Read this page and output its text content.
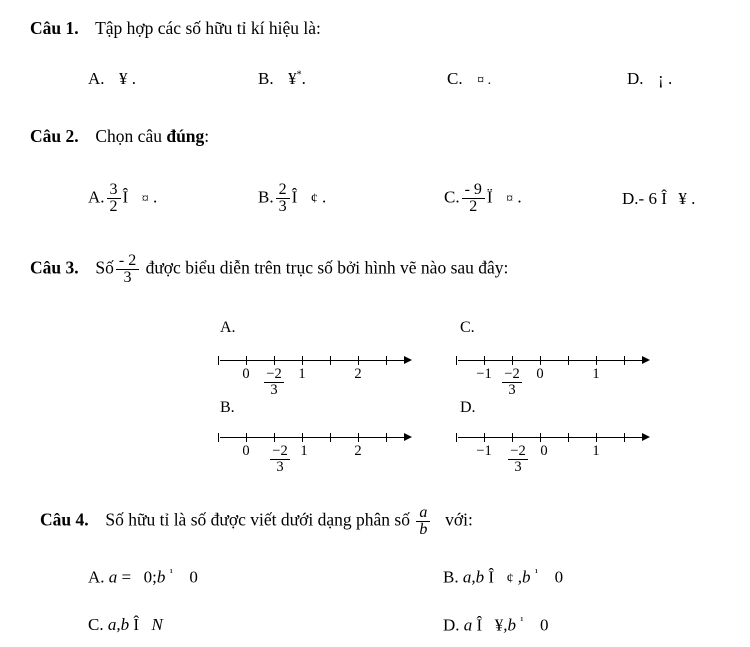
Câu 1. Tập hợp các số hữu tỉ kí hiệu là:
A. ¥ .	B. ¥*.	C. ¤ .	D. ¡ .
Câu 2. Chọn câu đúng:
A. $\frac{3}{2}$ Î ¤ .	B. $\frac{2}{3}$ Î ¢ .	C. $\frac{- 9}{2}$ Ï ¤ .	D.- 6 Î ¥ .
Câu 3. Số $\frac{- 2}{3}$ được biểu diễn trên trục số bởi hình vẽ nào sau đây:
A.
0	$\frac{-2}{3}$	1	2
C.
$-1 \frac{-2}{3}$	0	1
B.
0	$\frac{-2}{3} 1$	2
D.
−1	$\frac{-2}{3} 0$	1
Câu 4. Số hữu tỉ là số được viết dưới dạng phân số $\frac{a}{b}$ với:
A. a = 0;b $^{^1}$ 0	B. a,b Î ¢ ,b $^{^1}$ 0
C. a,b Î N	D. a Î ¥,b $^{^1}$ 0
